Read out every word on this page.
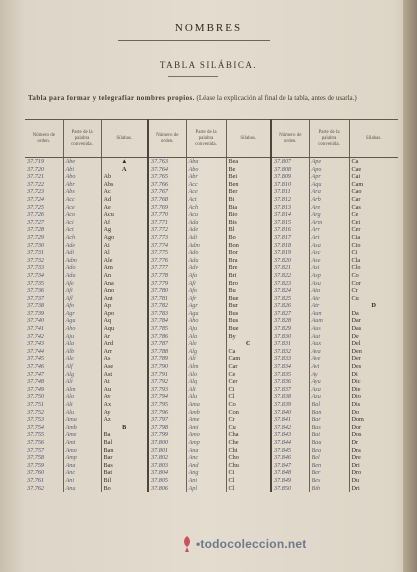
NOMBRES
TABLA SILÁBICA.
Tabla para formar y telegrafiar nombres propios. (Léase la explicación al final de la tabla, antes de usarla.)
Número de orden.	Parte de la palabra convenida.	Sílabas.	Número de orden.	Parte de la palabra convenida.	Sílabas.	Número de orden.	Parte de la palabra convenida.	Sílabas.
37.719	Abe	▲	37.763	Aba	Bea	37.807	Ape	Ca
37.720	Abi	A	37.764	Abo	Be	37.808	Apo	Cae
37.721	Abo	Ab	37.765	Abr	Bei	37.809	Apr	Cai
37.722	Abr	Abs	37.766	Acc	Ben	37.810	Aqu	Cam
37.723	Abs	Ac	37.767	Ace	Ber	37.811	Ara	Cao
37.724	Acc	Ad	37.768	Act	Bi	37.812	Arb	Car
37.725	Ace	Ae	37.769	Ach	Bia	37.813	Are	Cas
37.726	Aco	Acu	37.770	Acu	Bio	37.814	Arg	Ce
37.727	Aci	Af	37.771	Ada	Bis	37.815	Arm	Cei
37.728	Act	Ag	37.772	Ade	Bl	37.816	Arr	Cer
37.729	Ach	Ago	37.773	Adi	Bo	37.817	Art	Cia
37.730	Ade	Ai	37.774	Adm	Bon	37.818	Asa	Cio
37.731	Adi	Al	37.775	Ado	Bor	37.819	Asc	Ci
37.732	Adm	Ale	37.776	Adu	Bra	37.820	Ase	Cla
37.733	Ado	Am	37.777	Adv	Bre	37.821	Asi	Clo
37.734	Adu	An	37.778	Afa	Bri	37.822	Asp	Co
37.735	Afe	Ana	37.779	Afi	Bro	37.823	Asu	Cor
37.736	Afi	Ano	37.780	Afo	Bu	37.824	Ata	Cr
37.737	Afl	Ant	37.781	Afr	Bue	37.825	Ate	Cu
37.738	Afo	Ap	37.782	Agr	Bur	37.826	Atr	D
37.739	Agr	Apo	37.783	Agu	Bus	37.827	Aun	Da
37.740	Agu	Aq	37.784	Aho	Bus	37.828	Aum	Dar
37.741	Aho	Aqu	37.785	Aju	Bue	37.829	Aus	Das
37.742	Aju	Ar	37.786	Ala	By	37.830	Aut	De
37.743	Ala	Ard	37.787	Ale	C	37.831	Aux	Del
37.744	Alb	Arr	37.788	Alg	Ca	37.832	Ava	Den
37.745	Ale	As	37.789	Ali	Cam	37.833	Ave	Der
37.746	Alf	Ase	37.790	Alm	Car	37.834	Avi	Des
37.747	Alg	Ast	37.791	Alo	Ce	37.835	Ay	Di
37.748	Ali	At	37.792	Alq	Cer	37.836	Ayu	Dic
37.749	Alm	Au	37.793	Alt	Ci	37.837	Aza	Die
37.750	Alo	Av	37.794	Alu	Cl	37.838	Azu	Dio
37.751	Alt	Ax	37.795	Ama	Co	37.839	Bal	Dis
37.752	Alu	Ay	37.796	Amb	Con	37.840	Ban	Do
37.753	Ama	Az	37.797	Ame	Cr	37.841	Bar	Dom
37.754	Amb	B	37.798	Ami	Cu	37.842	Bas	Dor
37.755	Ame	Ba	37.799	Amo	Cha	37.843	Bat	Dos
37.756	Ami	Bal	37.800	Amp	Che	37.844	Bau	Dr
37.757	Amo	Ban	37.801	Ana	Chi	37.845	Bea	Dra
37.758	Amp	Bar	37.802	Anc	Cho	37.846	Bel	Dre
37.759	Ana	Bas	37.803	And	Chu	37.847	Ben	Dri
37.760	Anc	Bat	37.804	Ang	Ci	37.848	Ber	Dro
37.761	Ani	Bil	37.805	Ani	Cl	37.849	Bes	Du
37.762	Anu	Bo	37.806	Apl	Cl	37.850	Bib	Dri
•todocoleccion.net
